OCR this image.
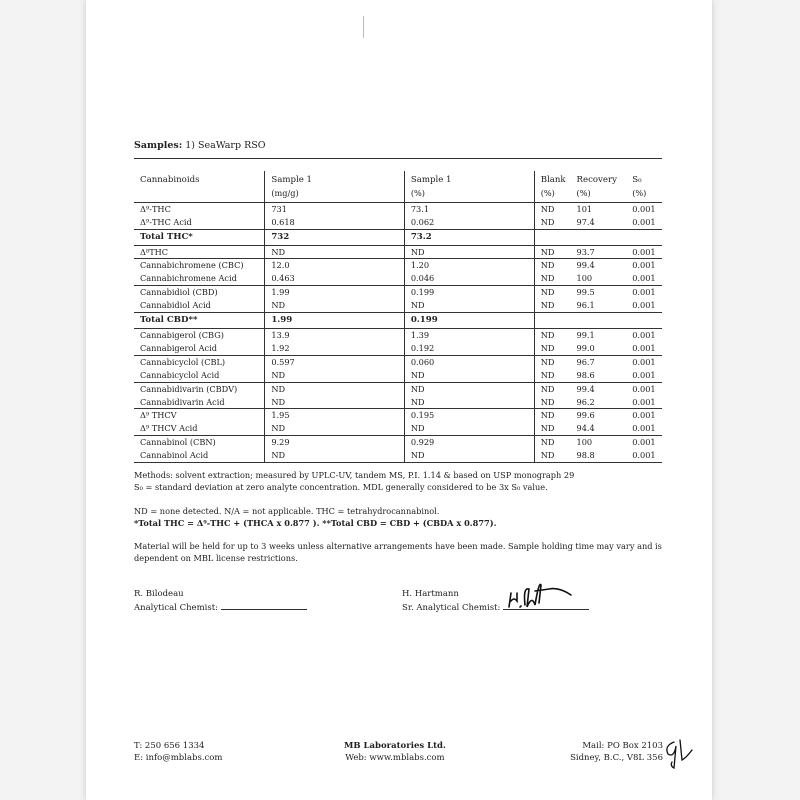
Samples: 1) SeaWarp RSO
Cannabinoids	Sample 1	Sample 1	Blank	Recovery	S₀
	(mg/g)	(%)	(%)	(%)	(%)
Δ⁹-THC	731	73.1	ND	101	0.001
Δ⁹-THC Acid	0.618	0.062	ND	97.4	0.001
Total THC*	732	73.2			
Δ⁸THC	ND	ND	ND	93.7	0.001
Cannabichromene (CBC)	12.0	1.20	ND	99.4	0.001
Cannabichromene Acid	0.463	0.046	ND	100	0.001
Cannabidiol (CBD)	1.99	0.199	ND	99.5	0.001
Cannabidiol Acid	ND	ND	ND	96.1	0.001
Total CBD**	1.99	0.199			
Cannabigerol (CBG)	13.9	1.39	ND	99.1	0.001
Cannabigerol Acid	1.92	0.192	ND	99.0	0.001
Cannabicyclol (CBL)	0.597	0.060	ND	96.7	0.001
Cannabicyclol Acid	ND	ND	ND	98.6	0.001
Cannabidivarin (CBDV)	ND	ND	ND	99.4	0.001
Cannabidivarin Acid	ND	ND	ND	96.2	0.001
Δ⁹ THCV	1.95	0.195	ND	99.6	0.001
Δ⁹ THCV Acid	ND	ND	ND	94.4	0.001
Cannabinol (CBN)	9.29	0.929	ND	100	0.001
Cannabinol Acid	ND	ND	ND	98.8	0.001
Methods: solvent extraction; measured by UPLC-UV, tandem MS, P.I. 1.14 & based on USP monograph 29
S₀ = standard deviation at zero analyte concentration. MDL generally considered to be 3x S₀ value.
ND = none detected. N/A = not applicable. THC = tetrahydrocannabinol.
*Total THC = Δ⁹-THC + (THCA x 0.877 ). **Total CBD = CBD + (CBDA x 0.877).
Material will be held for up to 3 weeks unless alternative arrangements have been made. Sample holding time may vary and is dependent on MBL license restrictions.
R. Bilodeau
Analytical Chemist:
H. Hartmann
Sr. Analytical Chemist:
T: 250 656 1334
E: info@mblabs.com
MB Laboratories Ltd.
Web: www.mblabs.com
Mail: PO Box 2103
Sidney, B.C., V8L 356
